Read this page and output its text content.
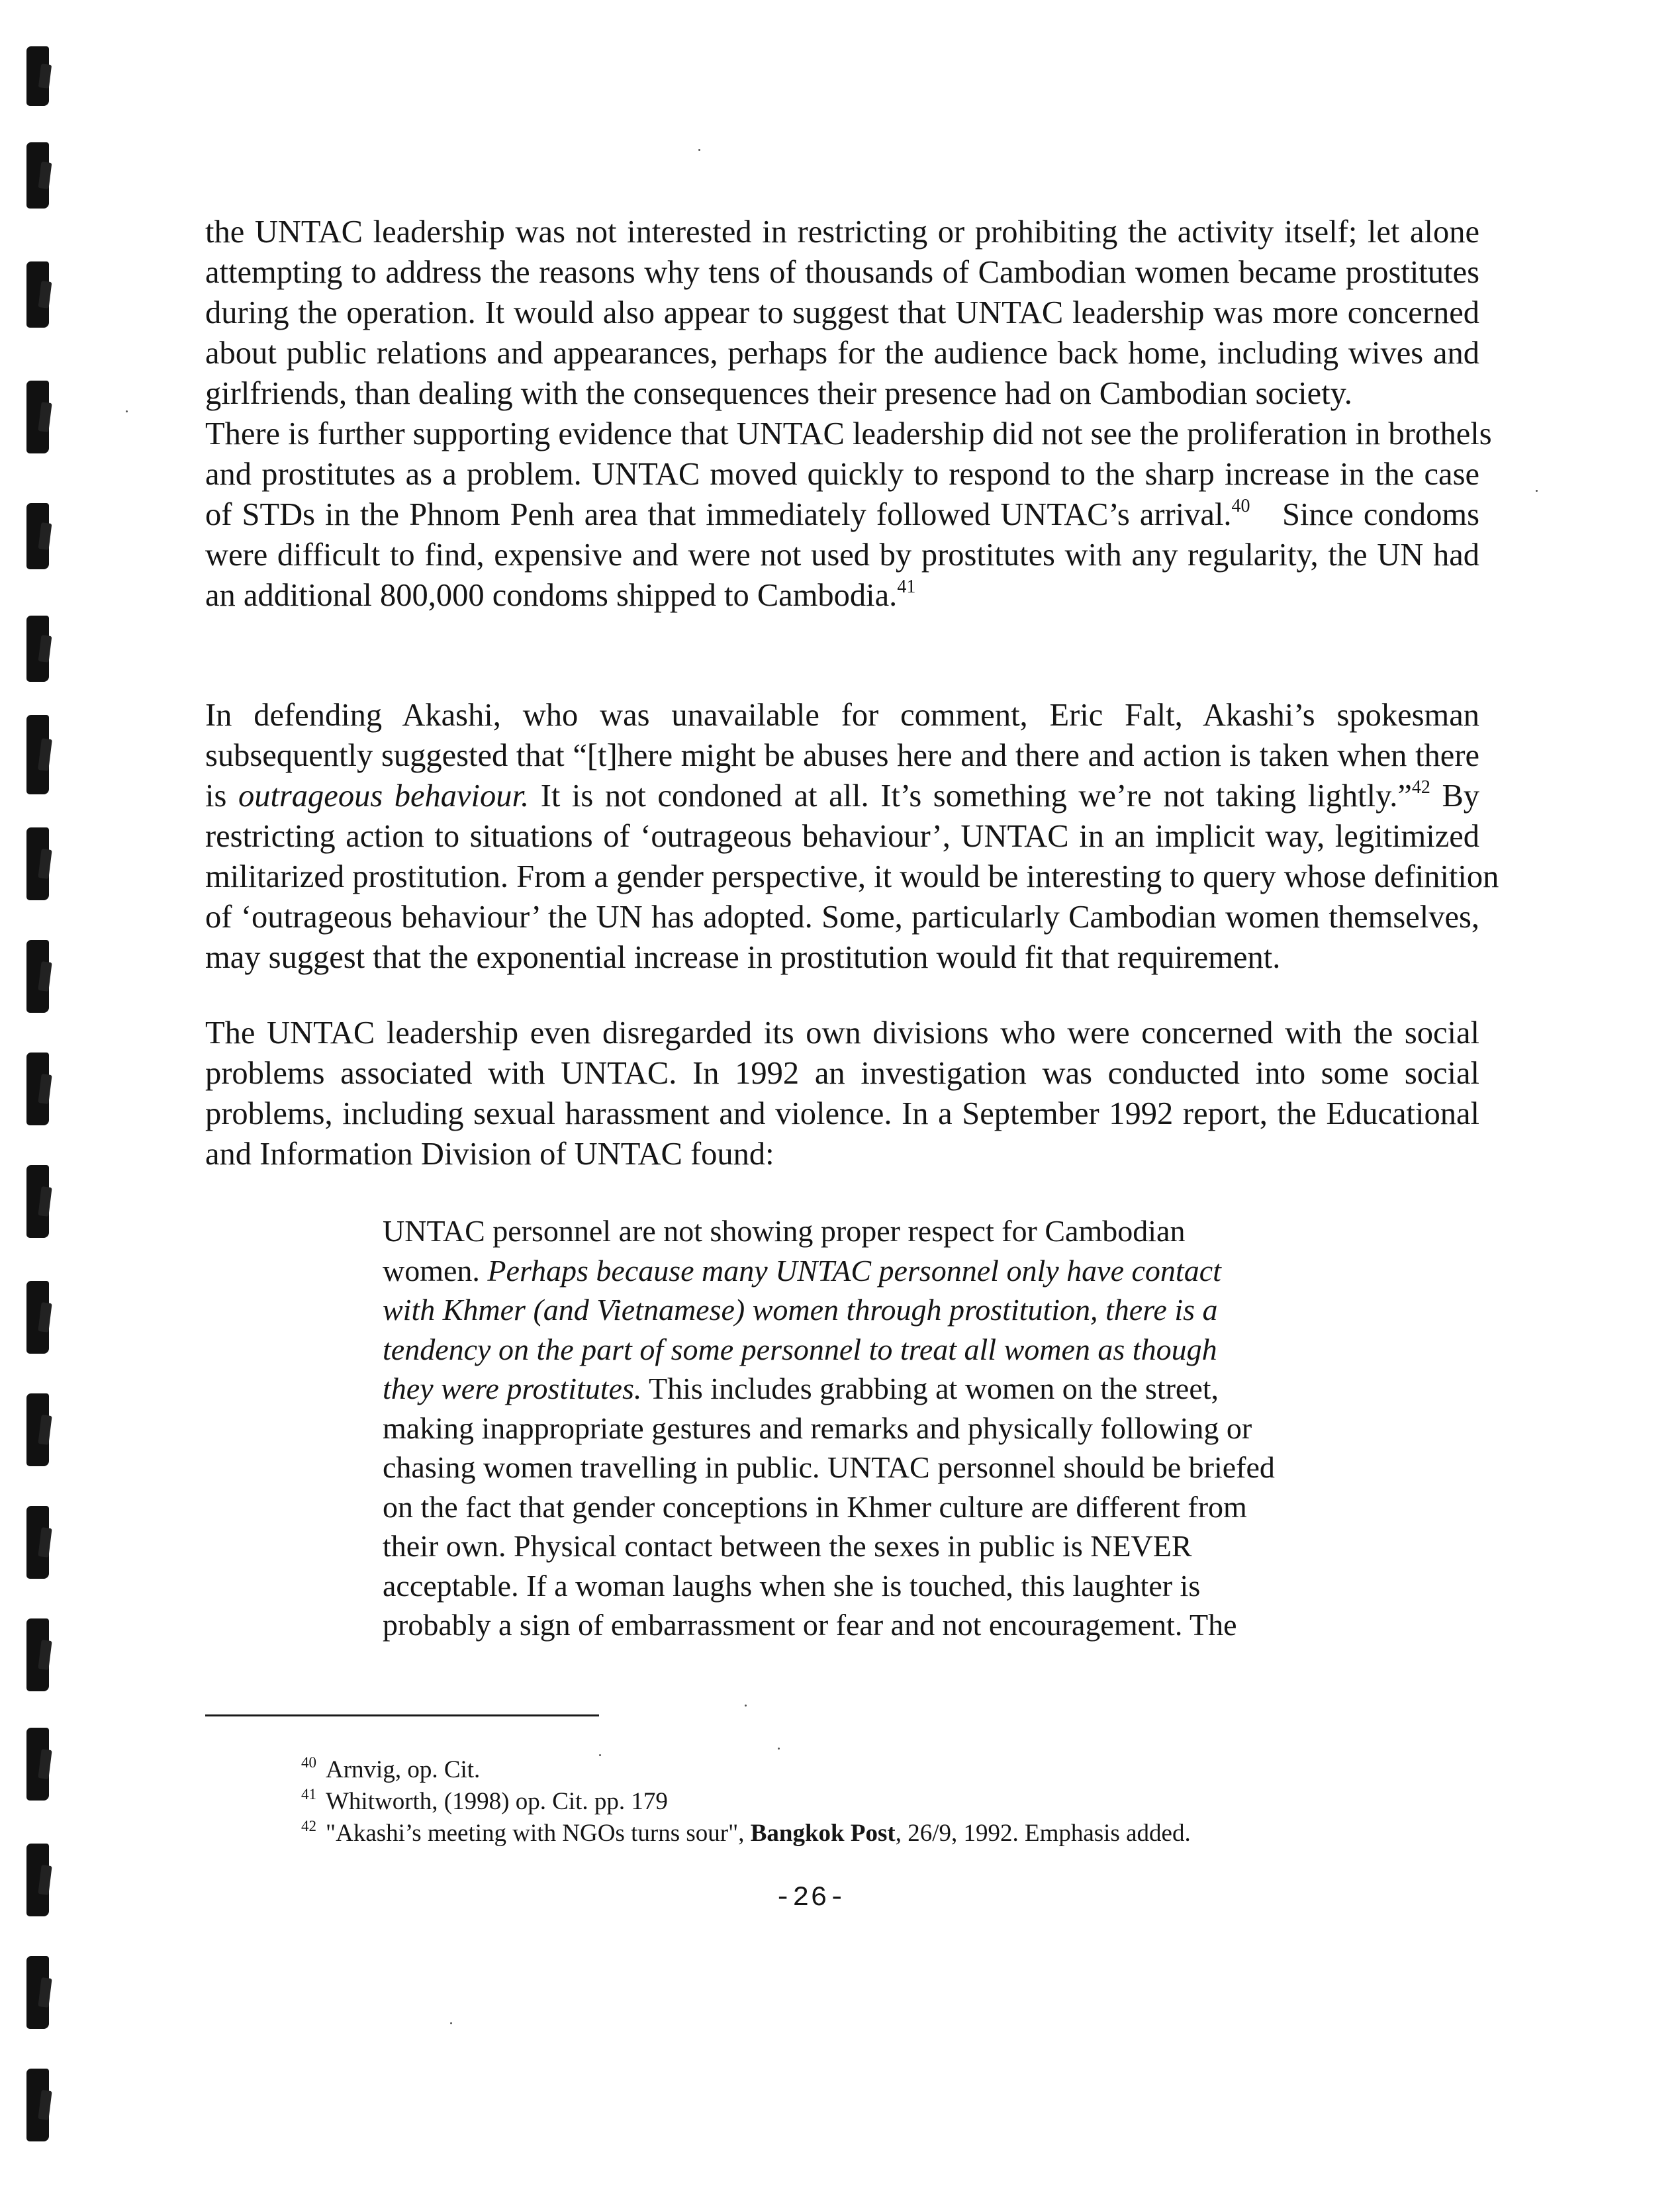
the UNTAC leadership was not interested in restricting or prohibiting the activity itself; let alone
attempting to address the reasons why tens of thousands of Cambodian women became prostitutes
during the operation. It would also appear to suggest that UNTAC leadership was more concerned
about public relations and appearances, perhaps for the audience back home, including wives and
girlfriends, than dealing with the consequences their presence had on Cambodian society.
There is further supporting evidence that UNTAC leadership did not see the proliferation in brothels
and prostitutes as a problem. UNTAC moved quickly to respond to the sharp increase in the case
of STDs in the Phnom Penh area that immediately followed UNTAC’s arrival.$^{40}$  Since condoms
were difficult to find, expensive and were not used by prostitutes with any regularity, the UN had
an additional 800,000 condoms shipped to Cambodia.$^{41}$
In defending Akashi, who was unavailable for comment, Eric Falt, Akashi’s spokesman
subsequently suggested that “[t]here might be abuses here and there and action is taken when there
is outrageous behaviour. It is not condoned at all. It’s something we’re not taking lightly.”$^{42}$ By
restricting action to situations of ‘outrageous behaviour’, UNTAC in an implicit way, legitimized
militarized prostitution. From a gender perspective, it would be interesting to query whose definition
of ‘outrageous behaviour’ the UN has adopted. Some, particularly Cambodian women themselves,
may suggest that the exponential increase in prostitution would fit that requirement.
The UNTAC leadership even disregarded its own divisions who were concerned with the social
problems associated with UNTAC. In 1992 an investigation was conducted into some social
problems, including sexual harassment and violence. In a September 1992 report, the Educational
and Information Division of UNTAC found:
UNTAC personnel are not showing proper respect for Cambodian
women. Perhaps because many UNTAC personnel only have contact
with Khmer (and Vietnamese) women through prostitution, there is a
tendency on the part of some personnel to treat all women as though
they were prostitutes. This includes grabbing at women on the street,
making inappropriate gestures and remarks and physically following or
chasing women travelling in public. UNTAC personnel should be briefed
on the fact that gender conceptions in Khmer culture are different from
their own. Physical contact between the sexes in public is NEVER
acceptable. If a woman laughs when she is touched, this laughter is
probably a sign of embarrassment or fear and not encouragement. The
$^{40}$ Arnvig, op. Cit.
$^{41}$ Whitworth, (1998) op. Cit. pp. 179
$^{42}$ "Akashi’s meeting with NGOs turns sour", Bangkok Post, 26/9, 1992. Emphasis added.
-26-
